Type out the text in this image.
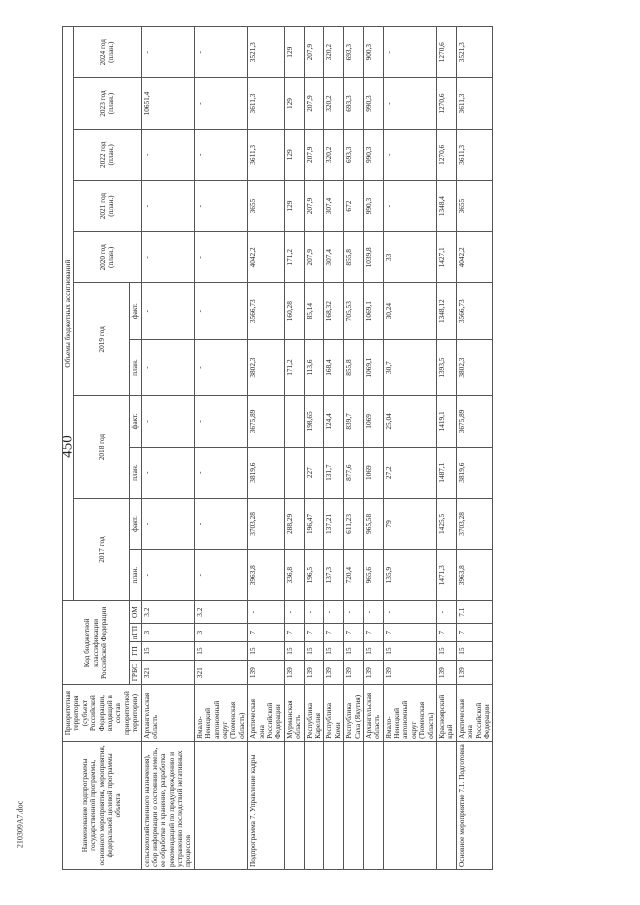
450
210309A7.doc	Наименование подпрограммы государственной программы, основного мероприятия, мероприятия, федеральной целевой программы объекта	Приоритетная территория (субъект Российской Федерации, входящий в состав приоритетной территории)	Код бюджетной классификации Российской Федерации				Объемы бюджетных ассигнований										
						2017 год		2018 год		2019 год		2020 год (план.)	2021 год (план.)	2022 год (план.)	2023 год (план.)	2024 год (план.)
		ГРБС	ГП	пГП	ОМ	план.	факт.	план.	факт.	план.	факт.					
сельскохозяйственного назначения), сбор информации о состоянии земель, ее обработке и хранение, разработка рекомендаций по предупреждению и устранению последствий негативных процессов	Архангельская область	321	15	3	3.2	-	-	-	-	-	-	-	-	-	10651,4	-
	Ямало-Ненецкий автономный округ (Тюменская область)	321	15	3	3.2	-	-	-	-	-	-	-	-	-	-	-
Подпрограмма 7. Управление кадры	Арктическая зона Российской Федерации	139	15	7	-	3963,8	3703,28	3819,6	3675,89	3802,3	3566,73	4042,2	3655	3611,3	3611,3	3521,3
	Мурманская область	139	15	7	-	336,8	288,29			171,2	160,28	171,2	129	129	129	129
	Республика Карелия	139	15	7	-	196,5	196,47	227	198,65	113,6	85,14	207,9	207,9	207,9	207,9	207,9
	Республика Коми	139	15	7	-	137,3	137,21	131,7	124,4	168,4	168,32	307,4	307,4	320,2	320,2	320,2
	Республика Саха (Якутия)	139	15	7	-	720,4	611,23	877,6	839,7	855,8	705,53	855,8	672	693,3	693,3	693,3
	Архангельская область	139	15	7	-	965,6	965,58	1069	1069	1069,1	1069,1	1039,8	990,3	990,3	990,3	900,3
	Ямало-Ненецкий автономный округ (Тюменская область)	139	15	7	-	135,9	79	27,2	25,04	30,7	30,24	33	-	-	-	-
	Красноярский край	139	15	7	-	1471,3	1425,5	1487,1	1419,1	1393,5	1348,12	1427,1	1348,4	1270,6	1270,6	1270,6
Основное мероприятие 7.1. Подготовка	Арктическая зона Российской Федерации	139	15	7	7.1	3963,8	3703,28	3819,6	3675,89	3802,3	3566,73	4042,2	3655	3611,3	3611,3	3521,3
